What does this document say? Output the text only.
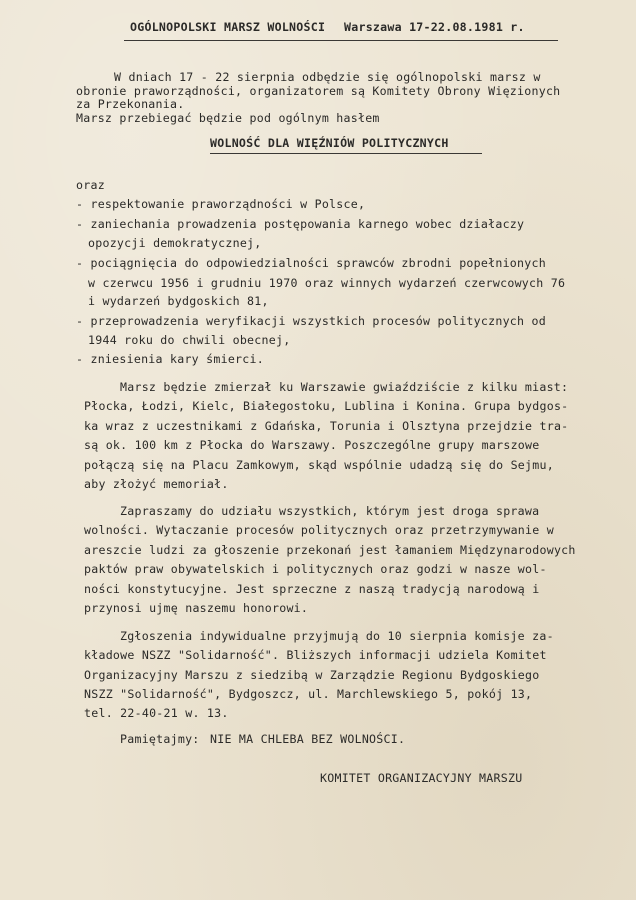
OGÓLNOPOLSKI MARSZ WOLNOŚCI Warszawa 17-22.08.1981 r.
W dniach 17 - 22 sierpnia odbędzie się ogólnopolski marsz w
obronie praworządności, organizatorem są Komitety Obrony Więzionych
za Przekonania.
Marsz przebiegać będzie pod ogólnym hasłem
WOLNOŚĆ DLA WIĘŹNIÓW POLITYCZNYCH
oraz
- respektowanie praworządności w Polsce,
- zaniechania prowadzenia postępowania karnego wobec działaczy
opozycji demokratycznej,
- pociągnięcia do odpowiedzialności sprawców zbrodni popełnionych
w czerwcu 1956 i grudniu 1970 oraz winnych wydarzeń czerwcowych 76
i wydarzeń bydgoskich 81,
- przeprowadzenia weryfikacji wszystkich procesów politycznych od
1944 roku do chwili obecnej,
- zniesienia kary śmierci.
Marsz będzie zmierzał ku Warszawie gwiaździście z kilku miast:
Płocka, Łodzi, Kielc, Białegostoku, Lublina i Konina. Grupa bydgos-
ka wraz z uczestnikami z Gdańska, Torunia i Olsztyna przejdzie tra-
są ok. 100 km z Płocka do Warszawy. Poszczególne grupy marszowe
połączą się na Placu Zamkowym, skąd wspólnie udadzą się do Sejmu,
aby złożyć memoriał.
Zapraszamy do udziału wszystkich, którym jest droga sprawa
wolności. Wytaczanie procesów politycznych oraz przetrzymywanie w
areszcie ludzi za głoszenie przekonań jest łamaniem Międzynarodowych
paktów praw obywatelskich i politycznych oraz godzi w nasze wol-
ności konstytucyjne. Jest sprzeczne z naszą tradycją narodową i
przynosi ujmę naszemu honorowi.
Zgłoszenia indywidualne przyjmują do 10 sierpnia komisje za-
kładowe NSZZ "Solidarność". Bliższych informacji udziela Komitet
Organizacyjny Marszu z siedzibą w Zarządzie Regionu Bydgoskiego
NSZZ "Solidarność", Bydgoszcz, ul. Marchlewskiego 5, pokój 13,
tel. 22-40-21 w. 13.
Pamiętajmy: NIE MA CHLEBA BEZ WOLNOŚCI.
KOMITET ORGANIZACYJNY MARSZU
